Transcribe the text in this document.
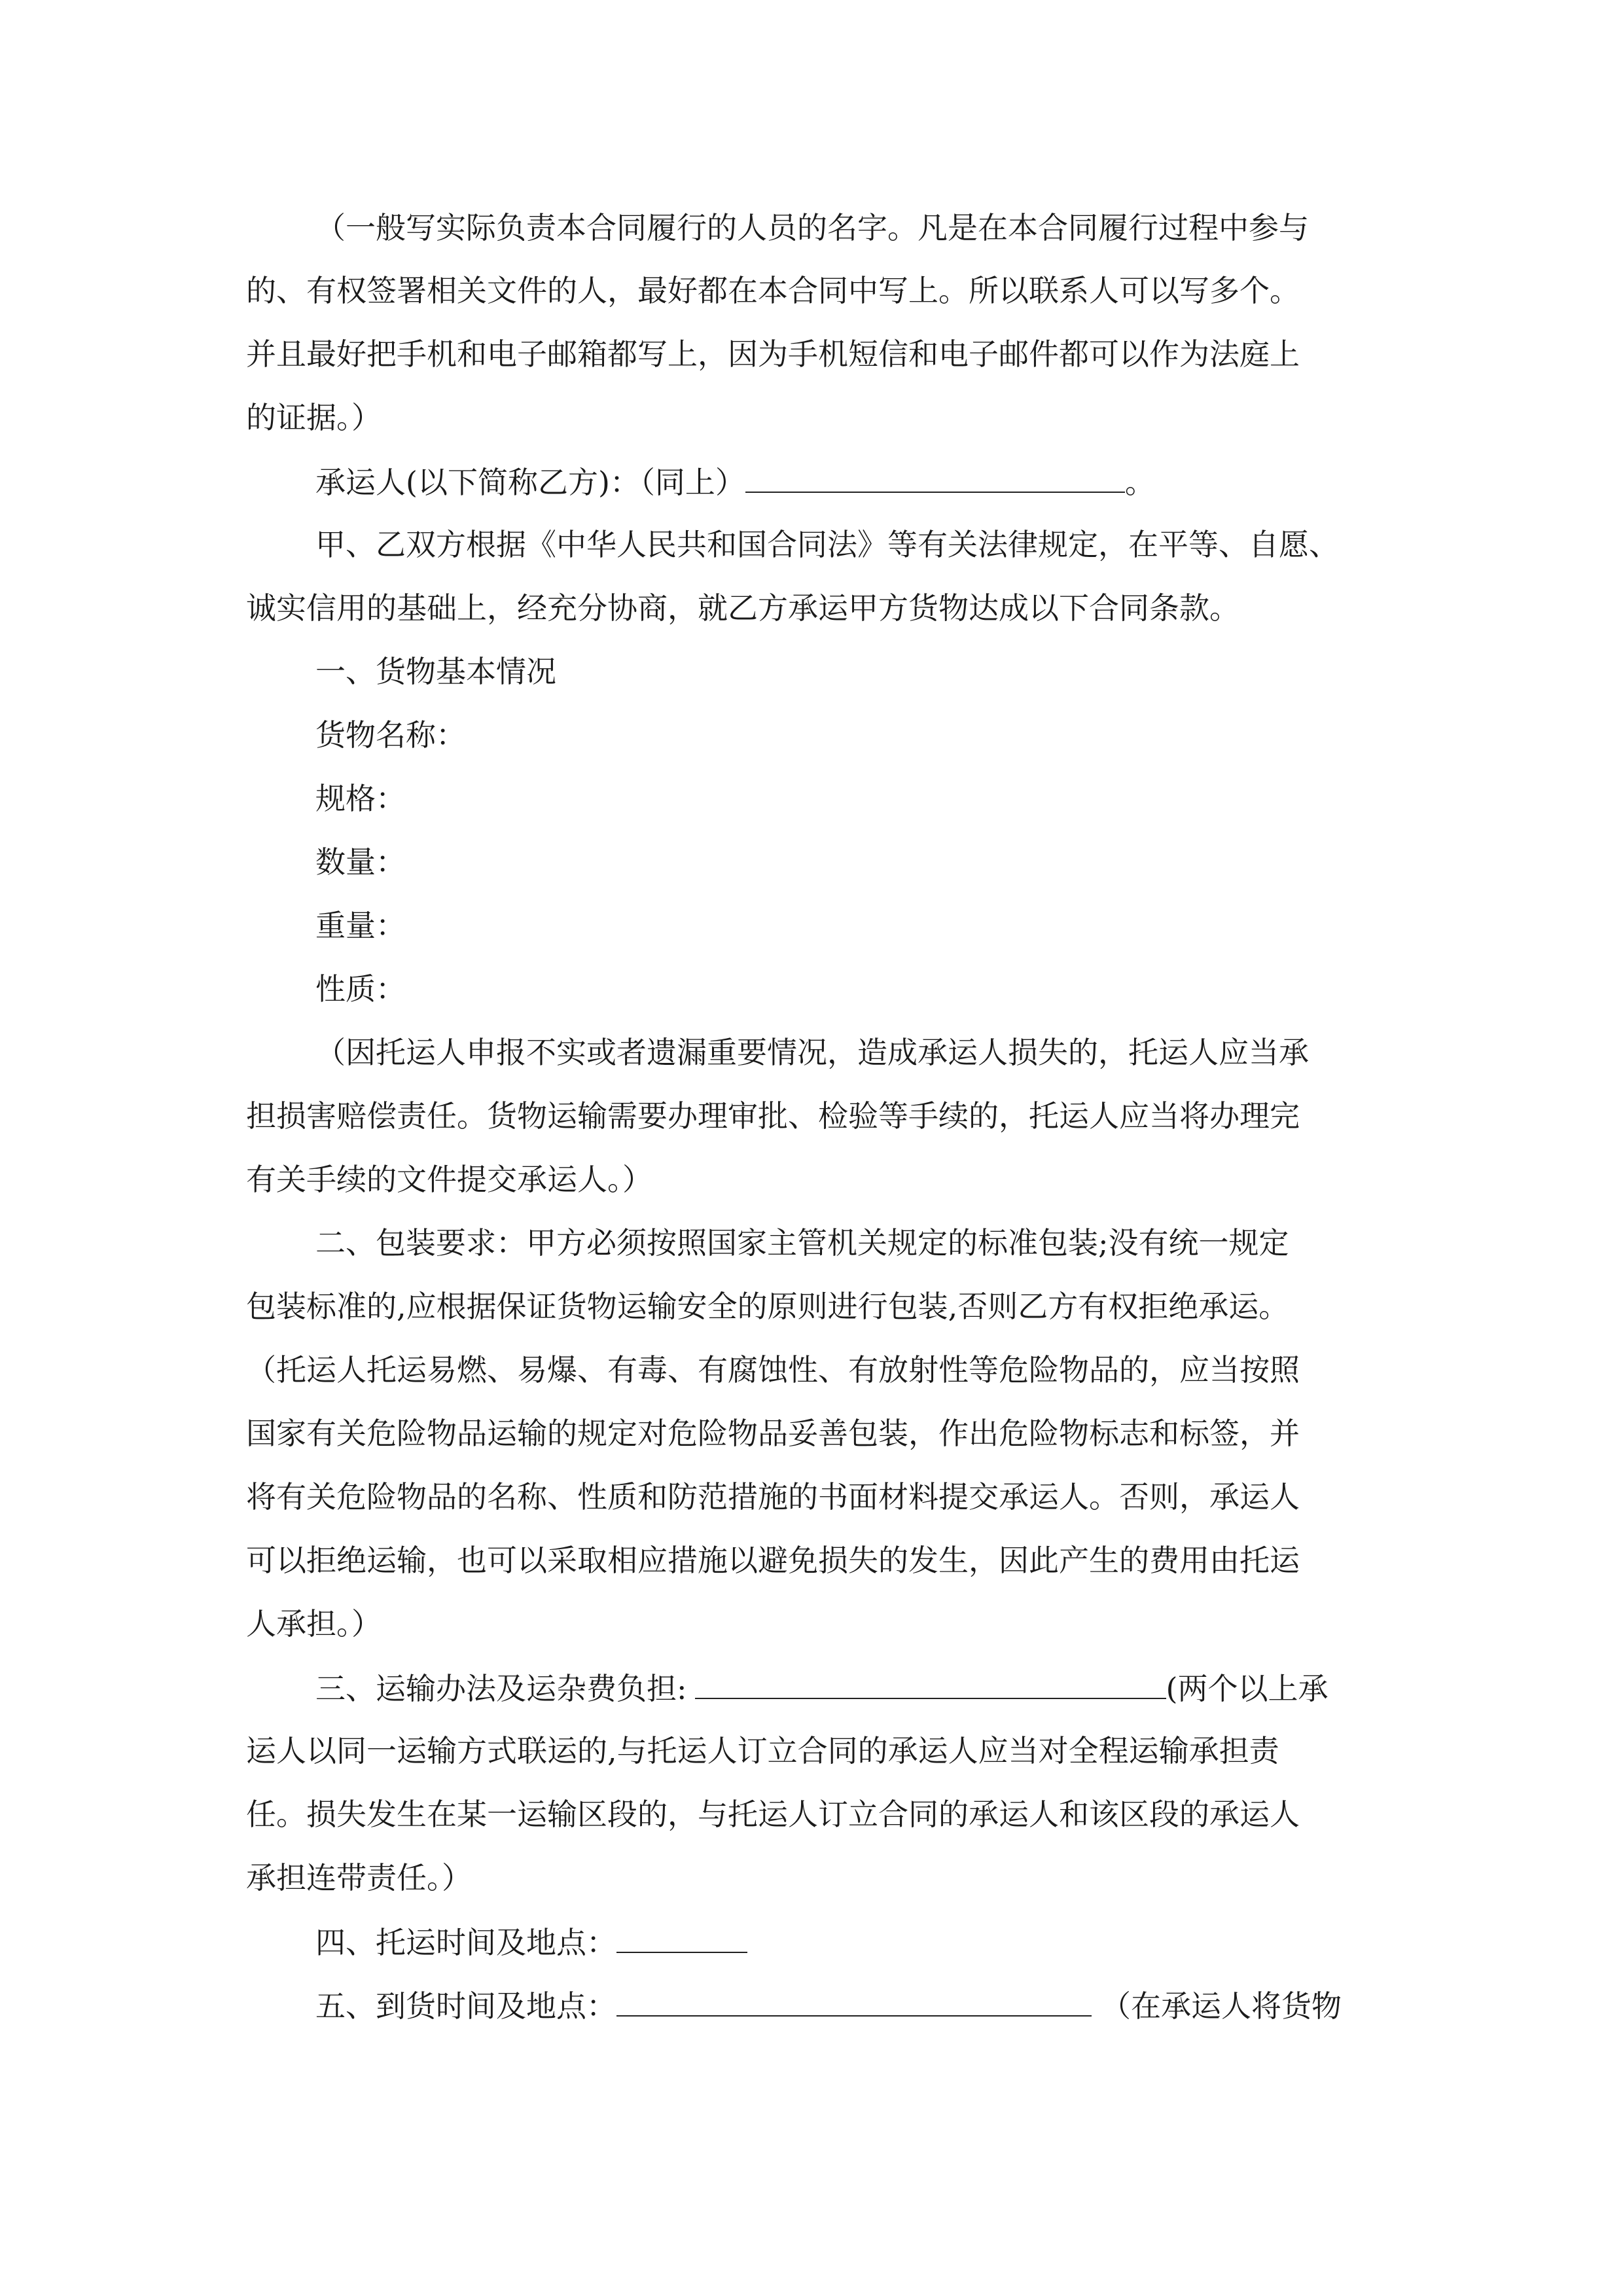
（一般写实际负责本合同履行的人员的名字。凡是在本合同履行过程中参与
的、有权签署相关文件的人，最好都在本合同中写上。所以联系人可以写多个。
并且最好把手机和电子邮箱都写上，因为手机短信和电子邮件都可以作为法庭上
的证据。）
承运人(以下简称乙方)：（同上）	。
甲、乙双方根据《中华人民共和国合同法》等有关法律规定，在平等、自愿、
诚实信用的基础上，经充分协商，就乙方承运甲方货物达成以下合同条款。
一、货物基本情况
货物名称：
规格：
数量：
重量：
性质：
（因托运人申报不实或者遗漏重要情况，造成承运人损失的，托运人应当承
担损害赔偿责任。货物运输需要办理审批、检验等手续的，托运人应当将办理完
有关手续的文件提交承运人。）
二、包装要求：甲方必须按照国家主管机关规定的标准包装;没有统一规定
包装标准的,应根据保证货物运输安全的原则进行包装,否则乙方有权拒绝承运。
（托运人托运易燃、易爆、有毒、有腐蚀性、有放射性等危险物品的，应当按照
国家有关危险物品运输的规定对危险物品妥善包装，作出危险物标志和标签，并
将有关危险物品的名称、性质和防范措施的书面材料提交承运人。否则，承运人
可以拒绝运输，也可以采取相应措施以避免损失的发生，因此产生的费用由托运
人承担。）
三、运输办法及运杂费负担:	(两个以上承
运人以同一运输方式联运的,与托运人订立合同的承运人应当对全程运输承担责
任。损失发生在某一运输区段的，与托运人订立合同的承运人和该区段的承运人
承担连带责任。）
四、托运时间及地点：
五、到货时间及地点：	（在承运人将货物
